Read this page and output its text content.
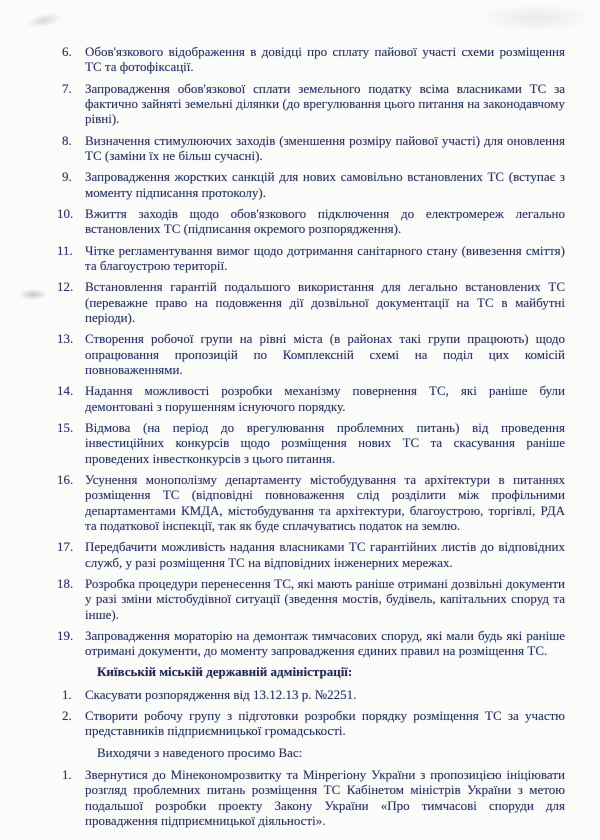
6.	Обов'язкового відображення в довідці про сплату пайової участі схеми розміщення ТС та фотофіксації.
7.	Запровадження обов'язкової сплати земельного податку всіма власниками ТС за фактично зайняті земельні ділянки (до врегулювання цього питання на законодавчому рівні).
8.	Визначення стимулюючих заходів (зменшення розміру пайової участі) для оновлення ТС (заміни їх не більш сучасні).
9.	Запровадження жорстких санкцій для нових самовільно встановлених ТС (вступає з моменту підписання протоколу).
10. Вжиття заходів щодо обов'язкового підключення до електромереж легально встановлених ТС (підписання окремого розпорядження).
11. Чітке регламентування вимог щодо дотримання санітарного стану (вивезення сміття) та благоустрою території.
12. Встановлення гарантій подальшого використання для легально встановлених ТС (переважне право на подовження дії дозвільної документації на ТС в майбутні періоди).
13. Створення робочої групи на рівні міста (в районах такі групи працюють) щодо опрацювання пропозицій по Комплексній схемі на поділ цих комісій повноваженнями.
14. Надання можливості розробки механізму повернення ТС, які раніше були демонтовані з порушенням існуючого порядку.
15. Відмова (на період до врегулювання проблемних питань) від проведення інвестиційних конкурсів щодо розміщення нових ТС та скасування раніше проведених інвестконкурсів з цього питання.
16. Усунення монополізму департаменту містобудування та архітектури в питаннях розміщення ТС (відповідні повноваження слід розділити між профільними департаментами КМДА, містобудування та архітектури, благоустрою, торгівлі, РДА та податкової інспекції, так як буде сплачуватись податок на землю.
17. Передбачити можливість надання власниками ТС гарантійних листів до відповідних служб, у разі розміщення ТС на відповідних інженерних мережах.
18. Розробка процедури перенесення ТС, які мають раніше отримані дозвільні документи у разі зміни містобудівної ситуації (зведення мостів, будівель, капітальних споруд та інше).
19. Запровадження мораторію на демонтаж тимчасових споруд, які мали будь які раніше отримані документи, до моменту запровадження єдиних правил на розміщення ТС.
Київській міській державній адміністрації:
1.	Скасувати розпорядження від 13.12.13 р. №2251.
2.	Створити робочу групу з підготовки розробки порядку розміщення ТС за участю представників підприємницької громадськості.
Виходячи з наведеного просимо Вас:
1.	Звернутися до Мінекономрозвитку та Мінрегіону України з пропозицією ініціювати розгляд проблемних питань розміщення ТС Кабінетом міністрів України з метою подальшої розробки проекту Закону України «Про тимчасові споруди для провадження підприємницької діяльності».
